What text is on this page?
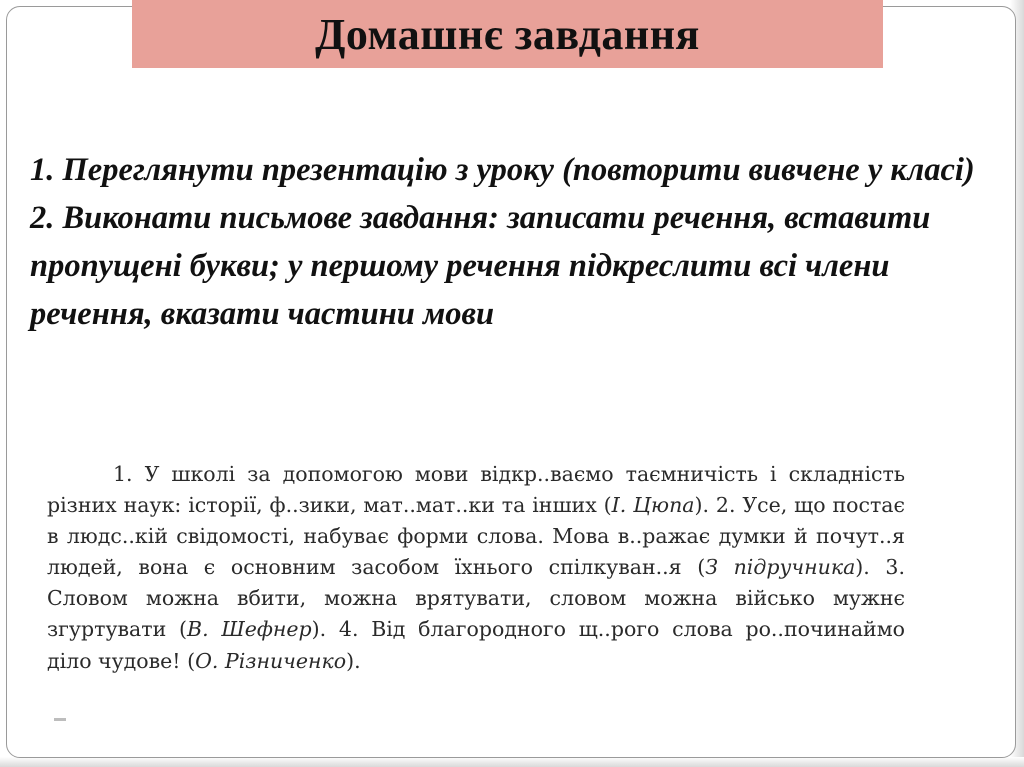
Домашнє завдання

1. Переглянути презентацію з уроку (повторити вивчене у класі)

2. Виконати письмове завдання: записати речення, вставити пропущені букви; у першому речення підкреслити всі члени речення, вказати частини мови

1. У школі за допомогою мови відкр..ваємо таємничість і складність різних наук: історії, ф..зики, мат..мат..ки та інших (І. Цюпа). 2. Усе, що постає в людс..кій свідомості, набуває форми слова. Мова в..ражає думки й почут..я людей, вона є основним засобом їхнього спілкуван..я (З підручника). 3. Словом можна вбити, можна врятувати, словом можна військо мужнє згуртувати (В. Шефнер). 4. Від благородного щ..рого слова ро..починаймо діло чудове! (О. Різниченко).
